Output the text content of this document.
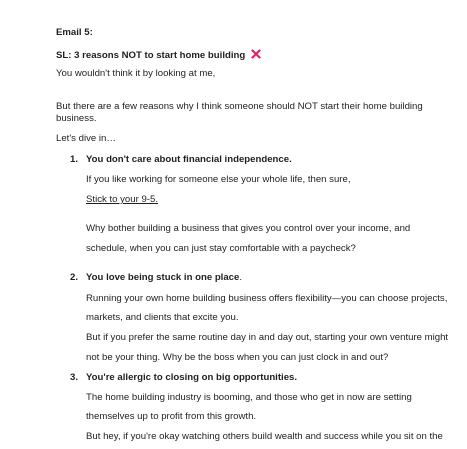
Email 5:
SL: 3 reasons NOT to start home building
You wouldn't think it by looking at me,
But there are a few reasons why I think someone should NOT start their home building
business.
Let's dive in…
1. You don't care about financial independence.
If you like working for someone else your whole life, then sure,
Stick to your 9-5.
Why bother building a business that gives you control over your income, and
schedule, when you can just stay comfortable with a paycheck?
2. You love being stuck in one place.
Running your own home building business offers flexibility—you can choose projects,
markets, and clients that excite you.
But if you prefer the same routine day in and day out, starting your own venture might
not be your thing. Why be the boss when you can just clock in and out?
3. You're allergic to closing on big opportunities.
The home building industry is booming, and those who get in now are setting
themselves up to profit from this growth.
But hey, if you're okay watching others build wealth and success while you sit on the
